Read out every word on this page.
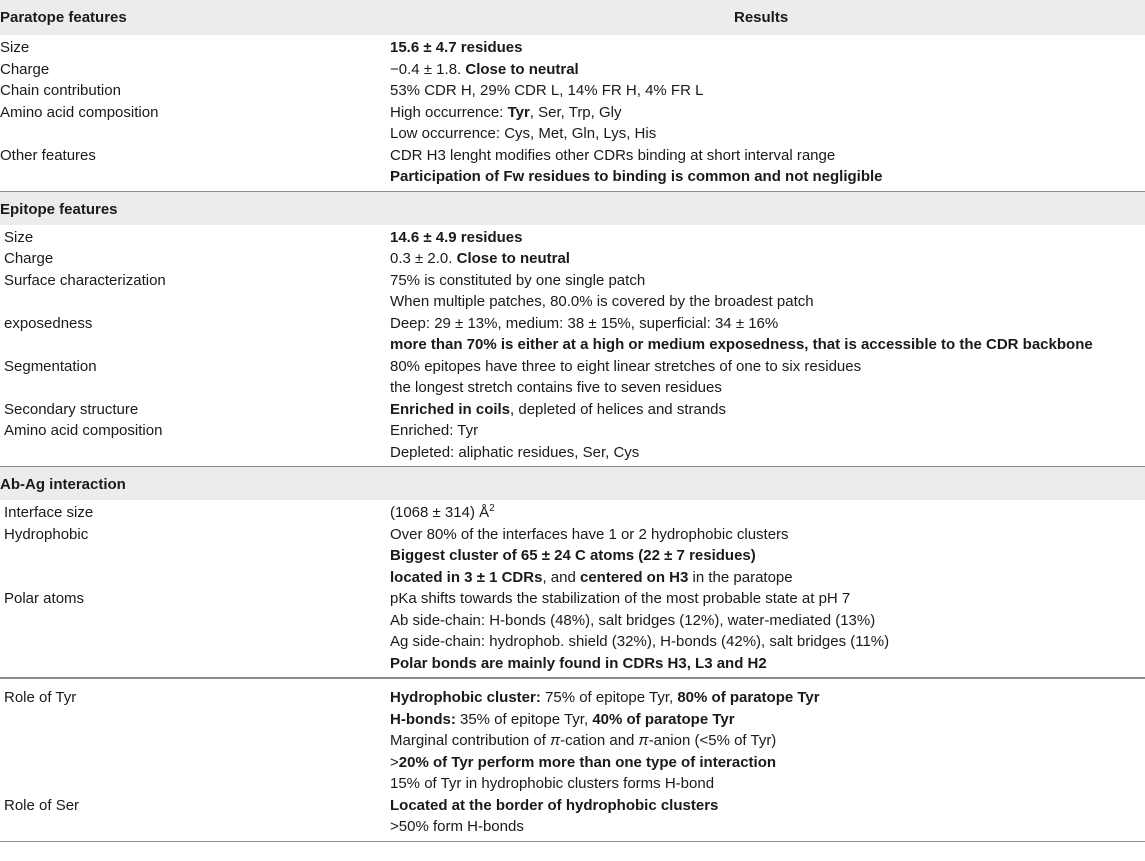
Paratope features	Results
Size	15.6 ± 4.7 residues
Charge	−0.4 ± 1.8. Close to neutral
Chain contribution	53% CDR H, 29% CDR L, 14% FR H, 4% FR L
Amino acid composition	High occurrence: Tyr, Ser, Trp, Gly
Low occurrence: Cys, Met, Gln, Lys, His
Other features	CDR H3 lenght modifies other CDRs binding at short interval range
Participation of Fw residues to binding is common and not negligible
Epitope features
Size	14.6 ± 4.9 residues
Charge	0.3 ± 2.0. Close to neutral
Surface characterization	75% is constituted by one single patch
When multiple patches, 80.0% is covered by the broadest patch
exposedness	Deep: 29 ± 13%, medium: 38 ± 15%, superficial: 34 ± 16%
more than 70% is either at a high or medium exposedness, that is accessible to the CDR backbone
Segmentation	80% epitopes have three to eight linear stretches of one to six residues
the longest stretch contains five to seven residues
Secondary structure	Enriched in coils, depleted of helices and strands
Amino acid composition	Enriched: Tyr
Depleted: aliphatic residues, Ser, Cys
Ab-Ag interaction
Interface size	(1068 ± 314) $Å^2$
Hydrophobic	Over 80% of the interfaces have 1 or 2 hydrophobic clusters
Biggest cluster of 65 ± 24 C atoms (22 ± 7 residues)
located in 3 ± 1 CDRs, and centered on H3 in the paratope
Polar atoms	pKa shifts towards the stabilization of the most probable state at pH 7
Ab side-chain: H-bonds (48%), salt bridges (12%), water-mediated (13%)
Ag side-chain: hydrophob. shield (32%), H-bonds (42%), salt bridges (11%)
Polar bonds are mainly found in CDRs H3, L3 and H2
Role of Tyr	Hydrophobic cluster: 75% of epitope Tyr, 80% of paratope Tyr
H-bonds: 35% of epitope Tyr, 40% of paratope Tyr
Marginal contribution of π-cation and π-anion (<5% of Tyr)
>20% of Tyr perform more than one type of interaction
15% of Tyr in hydrophobic clusters forms H-bond
Role of Ser	Located at the border of hydrophobic clusters
>50% form H-bonds
